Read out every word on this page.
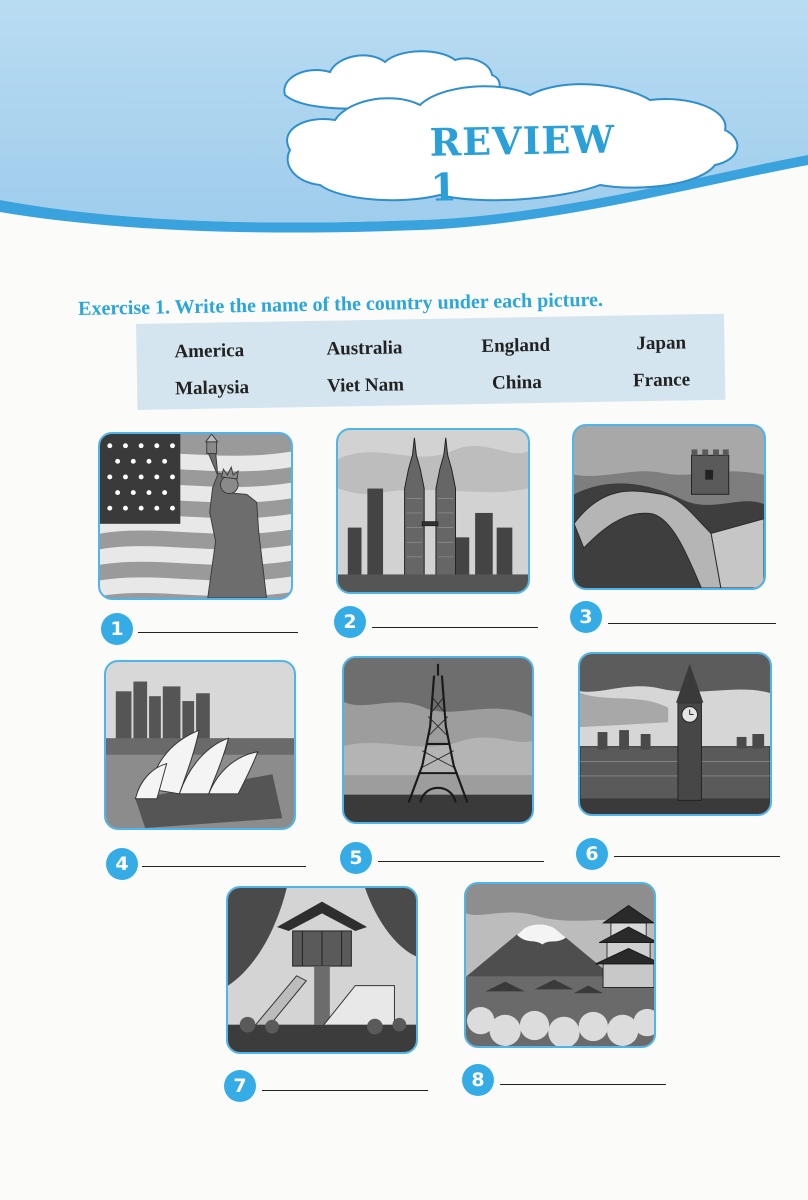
REVIEW 1
Exercise 1. Write the name of the country under each picture.
America	Australia	England	Japan
Malaysia	Viet Nam	China	France
1	2	3
4	5	6
7	8
